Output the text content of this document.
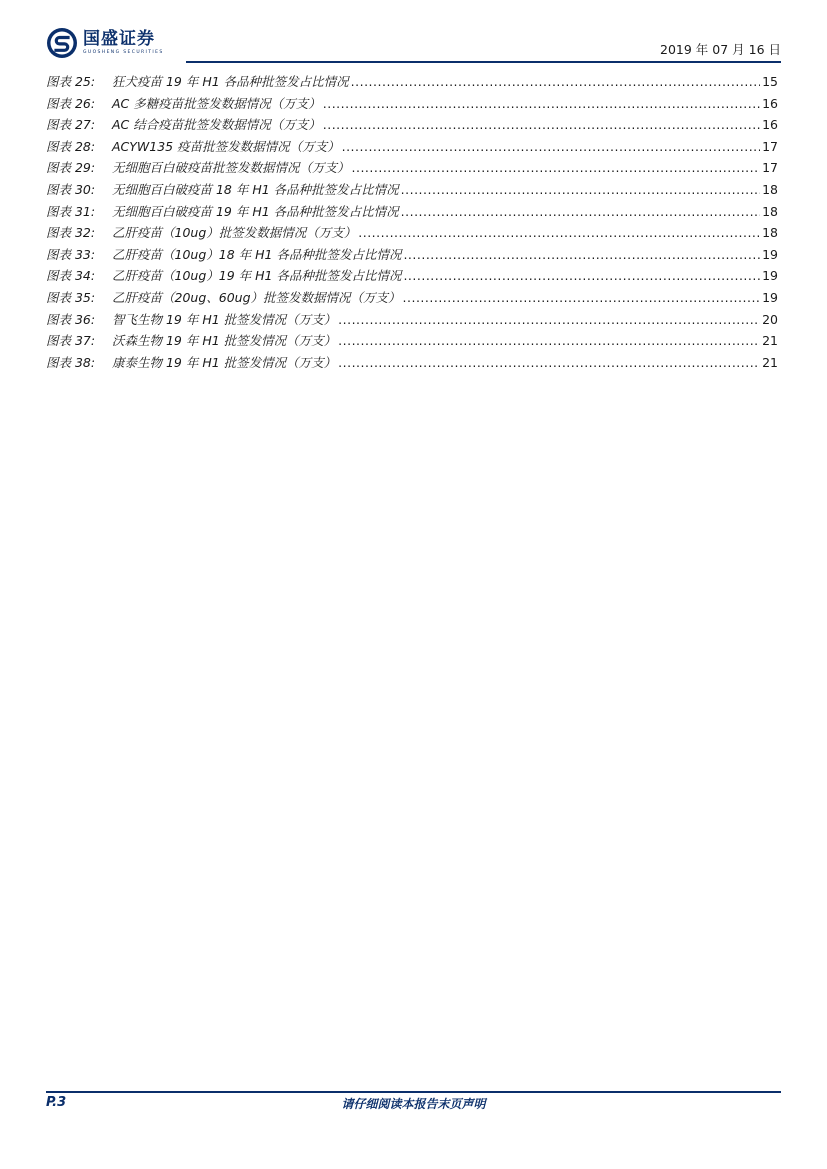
国盛证券
GUOSHENG SECURITIES	2019 年 07 月 16 日
图表 25:	狂犬疫苗 19 年 H1 各品种批签发占比情况 .....	15
图表 26:	AC 多糖疫苗批签发数据情况（万支） .....	16
图表 27:	AC 结合疫苗批签发数据情况（万支） .....	16
图表 28:	ACYW135 疫苗批签发数据情况（万支） .....	17
图表 29:	无细胞百白破疫苗批签发数据情况（万支） .....	17
图表 30:	无细胞百白破疫苗 18 年 H1 各品种批签发占比情况 .....	18
图表 31:	无细胞百白破疫苗 19 年 H1 各品种批签发占比情况 .....	18
图表 32:	乙肝疫苗（10ug）批签发数据情况（万支） .....	18
图表 33:	乙肝疫苗（10ug）18 年 H1 各品种批签发占比情况 .....	19
图表 34:	乙肝疫苗（10ug）19 年 H1 各品种批签发占比情况 .....	19
图表 35:	乙肝疫苗（20ug、60ug）批签发数据情况（万支） .....	19
图表 36:	智飞生物 19 年 H1 批签发情况（万支） .....	20
图表 37:	沃森生物 19 年 H1 批签发情况（万支） .....	21
图表 38:	康泰生物 19 年 H1 批签发情况（万支） .....	21
P.3	请仔细阅读本报告末页声明
